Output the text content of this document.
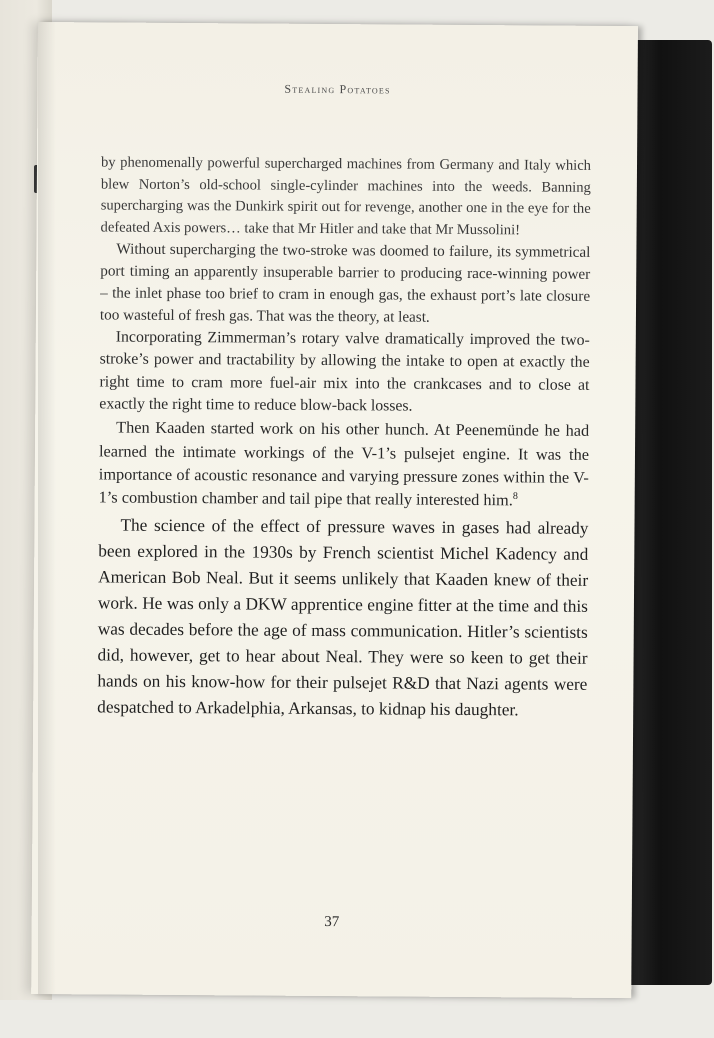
Stealing Potatoes

by phenomenally powerful supercharged machines from Germany and Italy which blew Norton’s old-school single-cylinder machines into the weeds. Banning supercharging was the Dunkirk spirit out for revenge, another one in the eye for the defeated Axis powers… take that Mr Hitler and take that Mr Mussolini!

Without supercharging the two-stroke was doomed to failure, its symmetrical port timing an apparently insuperable barrier to producing race-winning power – the inlet phase too brief to cram in enough gas, the exhaust port’s late closure too wasteful of fresh gas. That was the theory, at least.

Incorporating Zimmerman’s rotary valve dramatically improved the two-stroke’s power and tractability by allowing the intake to open at exactly the right time to cram more fuel-air mix into the crankcases and to close at exactly the right time to reduce blow-back losses.

Then Kaaden started work on his other hunch. At Peenemünde he had learned the intimate workings of the V-1’s pulsejet engine. It was the importance of acoustic resonance and varying pressure zones within the V-1’s combustion chamber and tail pipe that really interested him.$^8$

The science of the effect of pressure waves in gases had already been explored in the 1930s by French scientist Michel Kadency and American Bob Neal. But it seems unlikely that Kaaden knew of their work. He was only a DKW apprentice engine fitter at the time and this was decades before the age of mass communication. Hitler’s scientists did, however, get to hear about Neal. They were so keen to get their hands on his know-how for their pulsejet R&D that Nazi agents were despatched to Arkadelphia, Arkansas, to kidnap his daughter.

37
